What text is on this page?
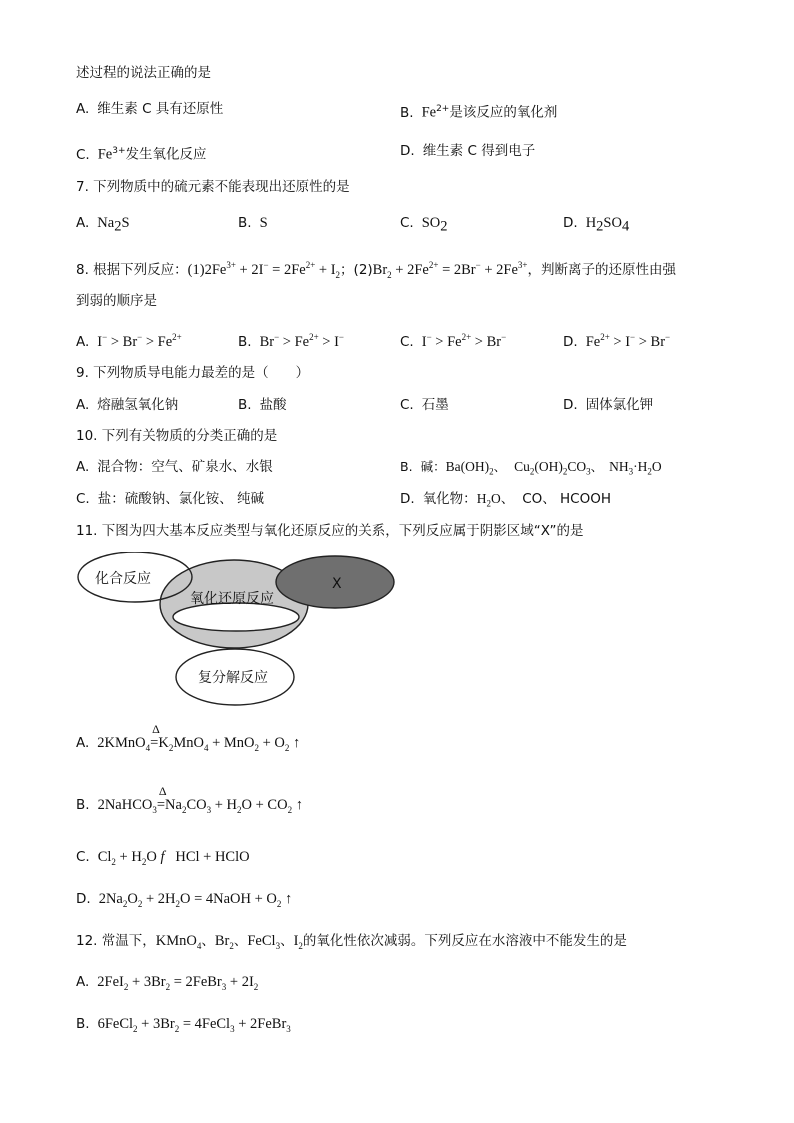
述过程的说法正确的是
A. 维生素 C 具有还原性	B. $Fe^{2+}$是该反应的氧化剂
C. $Fe^{3+}$发生氧化反应	D. 维生素 C 得到电子
7. 下列物质中的硫元素不能表现出还原性的是
A. $Na_2S$	B. S	C. $SO_2$	D. $H_2SO_4$
8. 根据下列反应：$(1)2Fe^{3+} + 2I^- = 2Fe^{2+} + I_2$；$(2)Br_2 + 2Fe^{2+} = 2Br^- + 2Fe^{3+}$，判断离子的还原性由强
到弱的顺序是
A. $I^- > Br^- > Fe^{2+}$	B. $Br^- > Fe^{2+} > I^-$	C. $I^- > Fe^{2+} > Br^-$	D. $Fe^{2+} > I^- > Br^-$
9. 下列物质导电能力最差的是（　　）
A. 熔融氢氧化钠	B. 盐酸	C. 石墨	D. 固体氯化钾
10. 下列有关物质的分类正确的是
A. 混合物：空气、矿泉水、水银	B. 碱：$Ba(OH)_2$、 $Cu_2(OH)_2CO_3$、 $NH_3\cdot H_2O$
C. 盐：硫酸钠、氯化铵、 纯碱	D. 氧化物：$H_2O$、 CO、 HCOOH
11. 下图为四大基本反应类型与氧化还原反应的关系，下列反应属于阴影区域“X”的是
化合反应
氧化还原反应
X
复分解反应
A. 2KMnO$_4$
Δ
$=K_2MnO_4 + MnO_2 + O_2$ ↑
B. 2NaHCO$_3$
Δ
$=Na_2CO_3 + H_2O + CO_2$ ↑
C. $Cl_2 + H_2O$ f   HCl + HClO
D. $2Na_2O_2 + 2H_2O$ = 4NaOH + $O_2$ ↑
12. 常温下，KMnO$_4$、$Br_2$、FeCl$_3$、$I_2$的氧化性依次减弱。下列反应在水溶液中不能发生的是
A. $2FeI_2 + 3Br_2$ = 2FeBr$_3$ + $2I_2$
B. 6FeCl$_2$ + $3Br_2$ = 4FeCl$_3$ + 2FeBr$_3$
